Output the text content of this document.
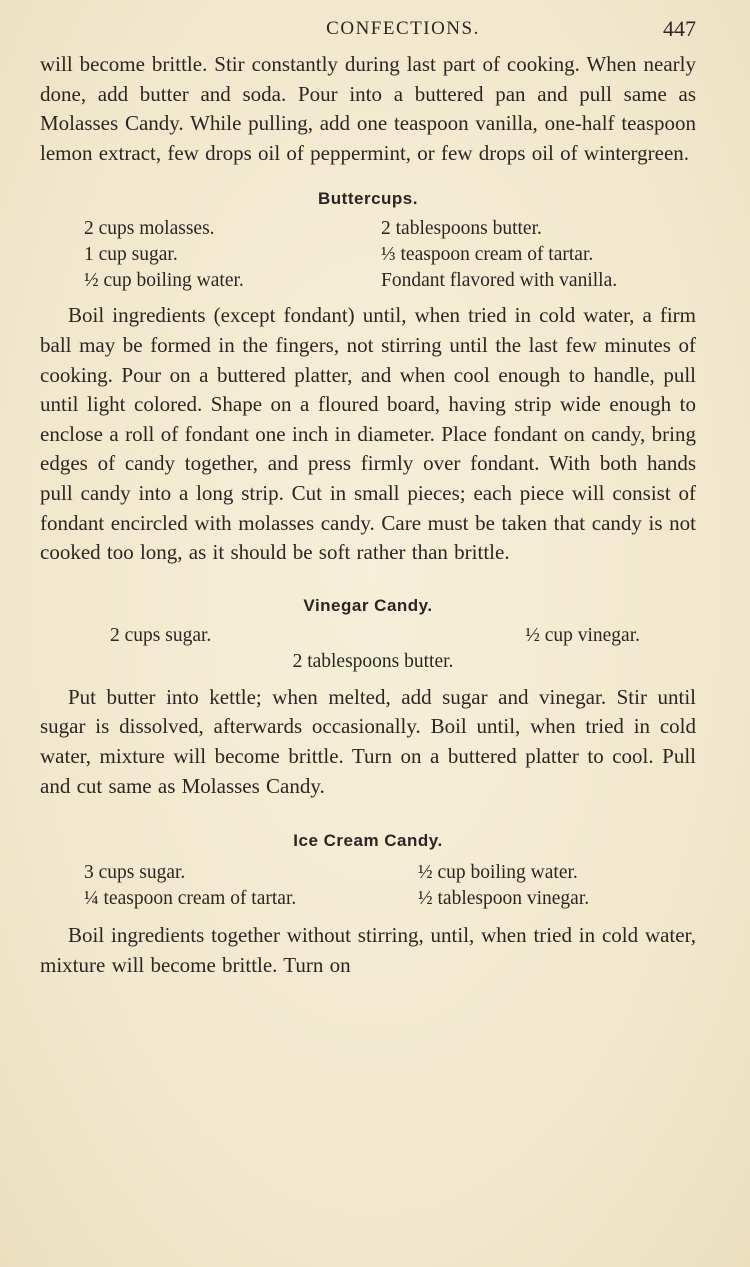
CONFECTIONS.	447

will become brittle. Stir constantly during last part of cooking. When nearly done, add butter and soda. Pour into a buttered pan and pull same as Molasses Candy. While pulling, add one teaspoon vanilla, one-half teaspoon lemon extract, few drops oil of peppermint, or few drops oil of wintergreen.

Buttercups.
2 cups molasses.	2 tablespoons butter.
1 cup sugar.	⅓ teaspoon cream of tartar.
½ cup boiling water.	Fondant flavored with vanilla.

Boil ingredients (except fondant) until, when tried in cold water, a firm ball may be formed in the fingers, not stirring until the last few minutes of cooking. Pour on a buttered platter, and when cool enough to handle, pull until light colored. Shape on a floured board, having strip wide enough to enclose a roll of fondant one inch in diameter. Place fondant on candy, bring edges of candy together, and press firmly over fondant. With both hands pull candy into a long strip. Cut in small pieces; each piece will consist of fondant encircled with molasses candy. Care must be taken that candy is not cooked too long, as it should be soft rather than brittle.

Vinegar Candy.
2 cups sugar.	½ cup vinegar.
2 tablespoons butter.

Put butter into kettle; when melted, add sugar and vinegar. Stir until sugar is dissolved, afterwards occasionally. Boil until, when tried in cold water, mixture will become brittle. Turn on a buttered platter to cool. Pull and cut same as Molasses Candy.

Ice Cream Candy.
3 cups sugar.	½ cup boiling water.
¼ teaspoon cream of tartar.	½ tablespoon vinegar.

Boil ingredients together without stirring, until, when tried in cold water, mixture will become brittle. Turn on
